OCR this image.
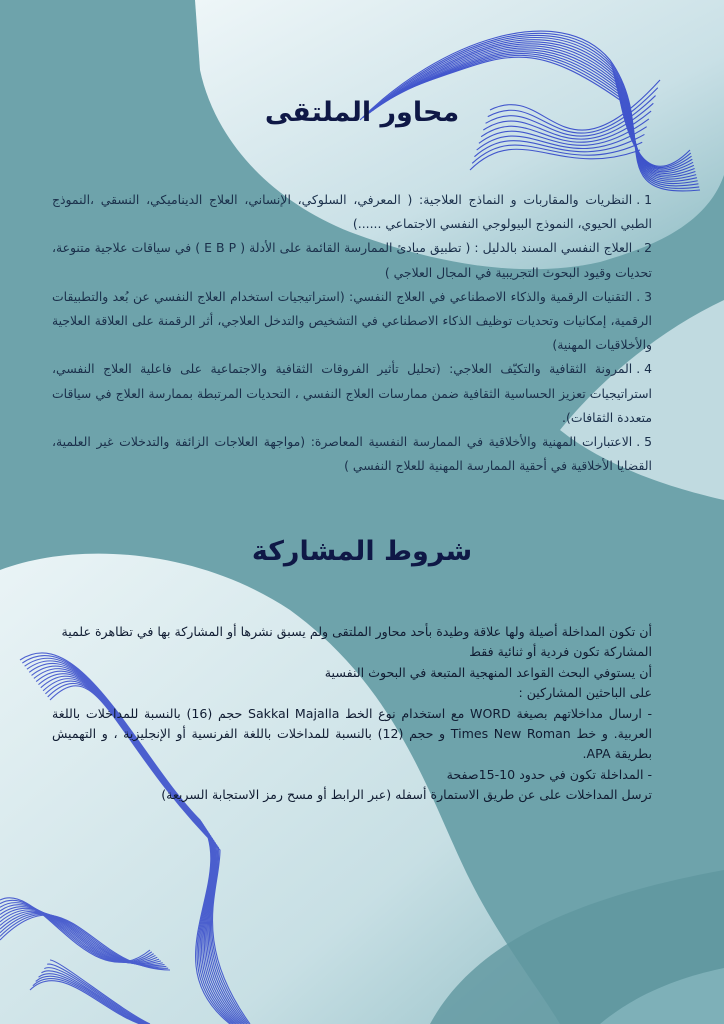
محاور الملتقى
1 .النظريات والمقاربات و النماذج العلاجية: ( المعرفي، السلوكي، الإنساني، العلاج الديناميكي، النسقي ،النموذج الطبي الحيوي، النموذج البيولوجي النفسي الاجتماعي ......)
2 .العلاج النفسي المسند بالدليل : ( تطبيق مبادئ الممارسة القائمة على الأدلة ( E B P ) في سياقات علاجية متنوعة، تحديات وقيود البحوث التجريبية في المجال العلاجي )
3 .التقنيات الرقمية والذكاء الاصطناعي في العلاج النفسي: (استراتيجيات استخدام العلاج النفسي عن بُعد والتطبيقات الرقمية، إمكانيات وتحديات توظيف الذكاء الاصطناعي في التشخيص والتدخل العلاجي، أثر الرقمنة على العلاقة العلاجية والأخلاقيات المهنية)
4 .المرونة الثقافية والتكيّف العلاجي: (تحليل تأثير الفروقات الثقافية والاجتماعية على فاعلية العلاج النفسي، استراتيجيات تعزيز الحساسية الثقافية ضمن ممارسات العلاج النفسي ، التحديات المرتبطة بممارسة العلاج في سياقات متعددة الثقافات).
5 .الاعتبارات المهنية والأخلاقية في الممارسة النفسية المعاصرة: (مواجهة العلاجات الزائفة والتدخلات غير العلمية، القضايا الأخلاقية في أحقية الممارسة المهنية للعلاج النفسي )
شروط المشاركة

أن تكون المداخلة أصيلة ولها علاقة وطيدة بأحد محاور الملتقى ولم يسبق نشرها أو المشاركة بها في تظاهرة علمية

المشاركة تكون فردية أو ثنائية فقط

أن يستوفي البحث القواعد المنهجية المتبعة في البحوث النفسية

على الباحثين المشاركين :

- ارسال مداخلاتهم بصيغة WORD مع استخدام نوع الخط Sakkal Majalla حجم (16) بالنسبة للمداخلات باللغة العربية. و خط Times New Roman و حجم (12) بالنسبة للمداخلات باللغة الفرنسية أو الإنجليزية ، و التهميش بطريقة APA.

- المداخلة تكون في حدود 10-15صفحة

ترسل المداخلات على عن طريق الاستمارة أسفله (عبر الرابط أو مسح رمز الاستجابة السريعة)
